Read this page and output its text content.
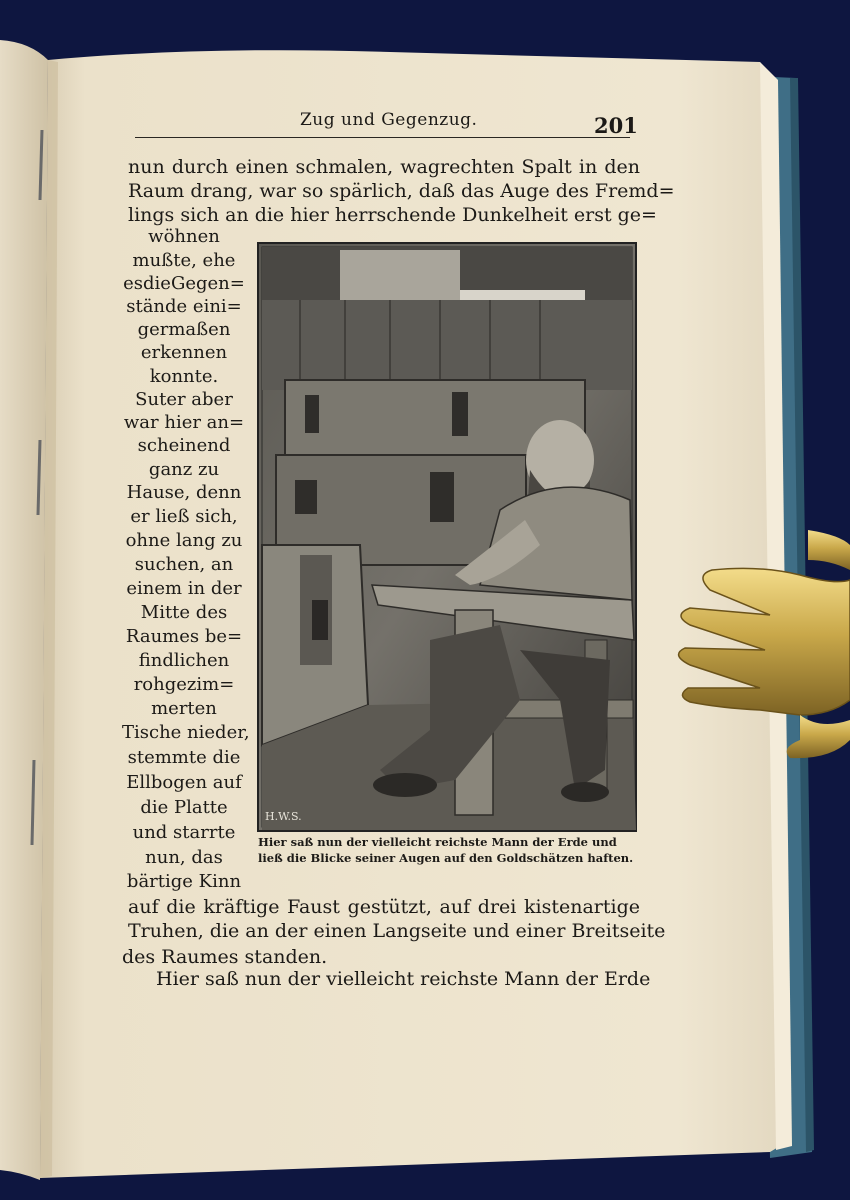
Zug und Gegenzug.	201
nun durch einen schmalen, wagrechten Spalt in den
Raum drang, war so spärlich, daß das Auge des Fremd=
lings sich an die hier herrschende Dunkelheit erst ge=
wöhnen
mußte, ehe
esdieGegen=
stände eini=
germaßen
erkennen
konnte.
Suter aber
war hier an=
scheinend
ganz zu
Hause, denn
er ließ sich,
ohne lang zu
suchen, an
einem in der
Mitte des
Raumes be=
findlichen
rohgezim=
merten
Tische nieder,
stemmte die
Ellbogen auf
die Platte
und starrte
nun, das
bärtige Kinn
auf die kräftige Faust gestützt, auf drei kistenartige
Truhen, die an der einen Langseite und einer Breitseite
des Raumes standen.
Hier saß nun der vielleicht reichste Mann der Erde
H.W.S.
Hier saß nun der vielleicht reichste Mann der Erde und
ließ die Blicke seiner Augen auf den Goldschätzen haften.
